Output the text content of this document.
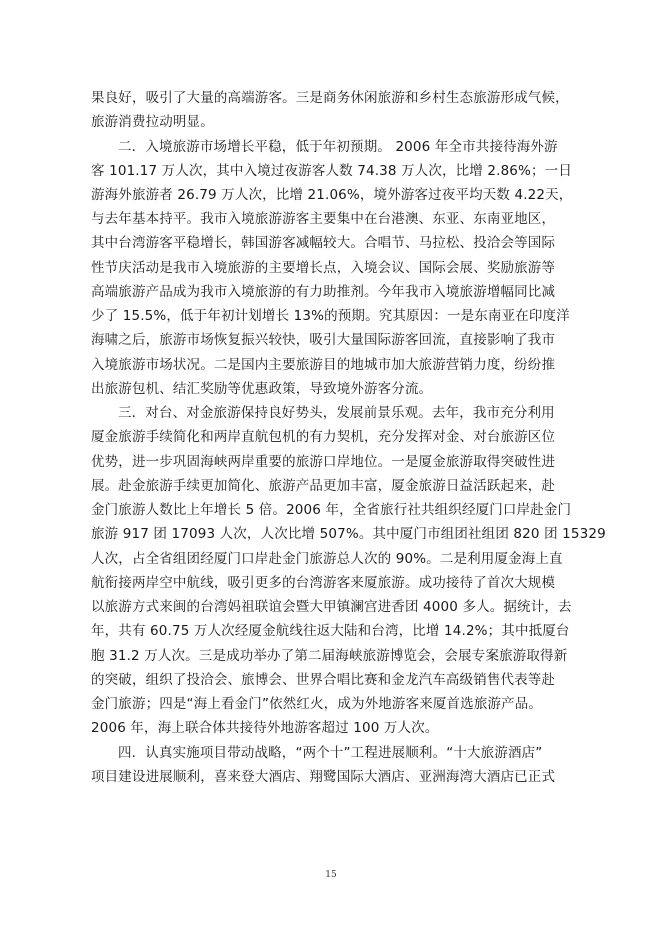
果良好，吸引了大量的高端游客。三是商务休闲旅游和乡村生态旅游形成气候，
旅游消费拉动明显。
二．入境旅游市场增长平稳，低于年初预期。 2006 年全市共接待海外游
客 101.17 万人次，其中入境过夜游客人数 74.38 万人次，比增 2.86%；一日
游海外旅游者 26.79 万人次，比增 21.06%，境外游客过夜平均天数 4.22天，
与去年基本持平。我市入境旅游游客主要集中在台港澳、东亚、东南亚地区，
其中台湾游客平稳增长，韩国游客减幅较大。合唱节、马拉松、投洽会等国际
性节庆活动是我市入境旅游的主要增长点，入境会议、国际会展、奖励旅游等
高端旅游产品成为我市入境旅游的有力助推剂。今年我市入境旅游增幅同比减
少了 15.5%，低于年初计划增长 13%的预期。究其原因：一是东南亚在印度洋
海啸之后，旅游市场恢复振兴较快，吸引大量国际游客回流，直接影响了我市
入境旅游市场状况。二是国内主要旅游目的地城市加大旅游营销力度，纷纷推
出旅游包机、结汇奖励等优惠政策，导致境外游客分流。
三．对台、对金旅游保持良好势头，发展前景乐观。去年，我市充分利用
厦金旅游手续简化和两岸直航包机的有力契机，充分发挥对金、对台旅游区位
优势，进一步巩固海峡两岸重要的旅游口岸地位。一是厦金旅游取得突破性进
展。赴金旅游手续更加简化、旅游产品更加丰富，厦金旅游日益活跃起来，赴
金门旅游人数比上年增长 5 倍。2006 年，全省旅行社共组织经厦门口岸赴金门
旅游 917 团 17093 人次，人次比增 507%。其中厦门市组团社组团 820 团 15329
人次，占全省组团经厦门口岸赴金门旅游总人次的 90%。二是利用厦金海上直
航衔接两岸空中航线，吸引更多的台湾游客来厦旅游。成功接待了首次大规模
以旅游方式来闽的台湾妈祖联谊会暨大甲镇澜宫进香团 4000 多人。据统计，去
年，共有 60.75 万人次经厦金航线往返大陆和台湾，比增 14.2%；其中抵厦台
胞 31.2 万人次。三是成功举办了第二届海峡旅游博览会，会展专案旅游取得新
的突破，组织了投洽会、旅博会、世界合唱比赛和金龙汽车高级销售代表等赴
金门旅游；四是“海上看金门”依然红火，成为外地游客来厦首选旅游产品。
2006 年，海上联合体共接待外地游客超过 100 万人次。
四．认真实施项目带动战略，“两个十”工程进展顺利。“十大旅游酒店”
项目建设进展顺利，喜来登大酒店、翔鹭国际大酒店、亚洲海湾大酒店已正式
15
